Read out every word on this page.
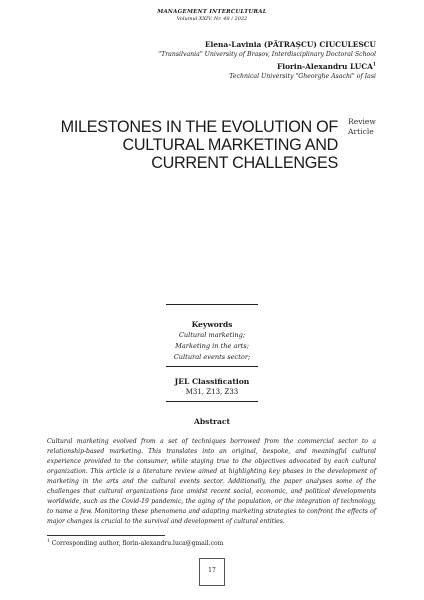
MANAGEMENT INTERCULTURAL
Volumul XXIV, Nr. 48 / 2022
Elena-Lavinia (PĂTRAȘCU) CIUCULESCU
"Transilvania" University of Brașov, Interdisciplinary Doctoral School
Florin-Alexandru LUCA$^1$
Technical University "Gheorghe Asachi" of Iasi
MILESTONES IN THE EVOLUTION OF
CULTURAL MARKETING AND
CURRENT CHALLENGES
Review
Article
Keywords
Cultural marketing;
Marketing in the arts;
Cultural events sector;
JEL Classification
M31, Z13, Z33
Abstract
Cultural marketing evolved from a set of techniques borrowed from the commercial sector to a relationship-based marketing. This translates into an original, bespoke, and meaningful cultural experience provided to the consumer, while staying true to the objectives advocated by each cultural organization. This article is a literature review aimed at highlighting key phases in the development of marketing in the arts and the cultural events sector. Additionally, the paper analyses some of the challenges that cultural organizations face amidst recent social, economic, and political developments worldwide, such as the Covid-19 pandemic, the aging of the population, or the integration of technology, to name a few. Monitoring these phenomena and adapting marketing strategies to confront the effects of major changes is crucial to the survival and development of cultural entities.
$^1$ Corresponding author, florin-alexandru.luca@gmail.com
17
